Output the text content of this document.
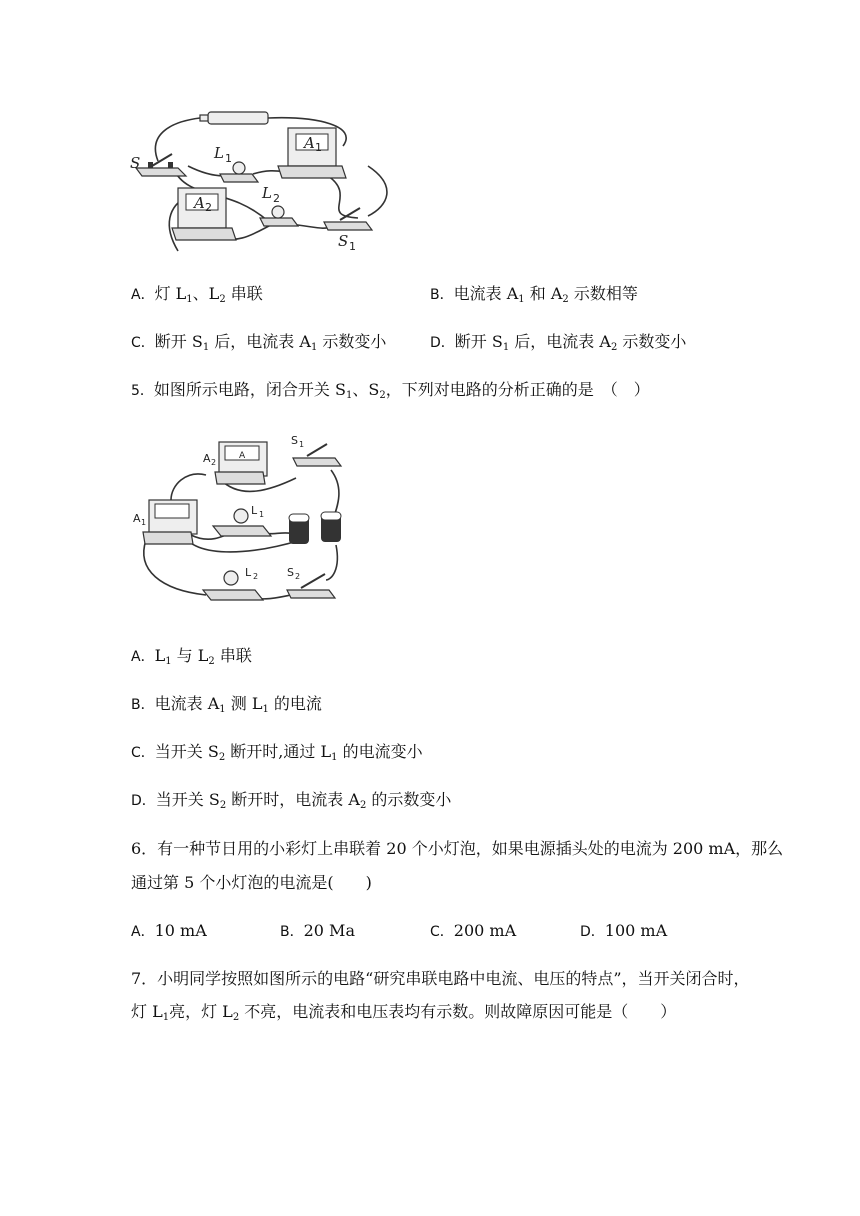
S
L 1
L 2
A 1
A 2
S 1
A．灯 $L_1$、$L_2$ 串联	B．电流表 $A_1$ 和 $A_2$ 示数相等
C．断开 $S_1$ 后，电流表 $A_1$ 示数变小	D．断开 $S_1$ 后，电流表 $A_2$ 示数变小
5．如图所示电路，闭合开关 $S_1$、$S_2$，下列对电路的分析正确的是　（　）
A 2
A
S 1
A 1
L 1
L 2	S 2
A．$L_1$ 与 $L_2$ 串联
B．电流表 $A_1$ 测 $L_1$ 的电流
C．当开关 $S_2$ 断开时,通过 $L_1$ 的电流变小
D．当开关 $S_2$ 断开时，电流表 $A_2$ 的示数变小
6．有一种节日用的小彩灯上串联着 20 个小灯泡，如果电源插头处的电流为 200 mA，那么
通过第 5 个小灯泡的电流是(　　)
A．10 mA	B．20 Ma	C．200 mA	D．100 mA
7．小明同学按照如图所示的电路“研究串联电路中电流、电压的特点”，当开关闭合时，
灯 $L_1$亮，灯 $L_2$ 不亮，电流表和电压表均有示数。则故障原因可能是（　　）
